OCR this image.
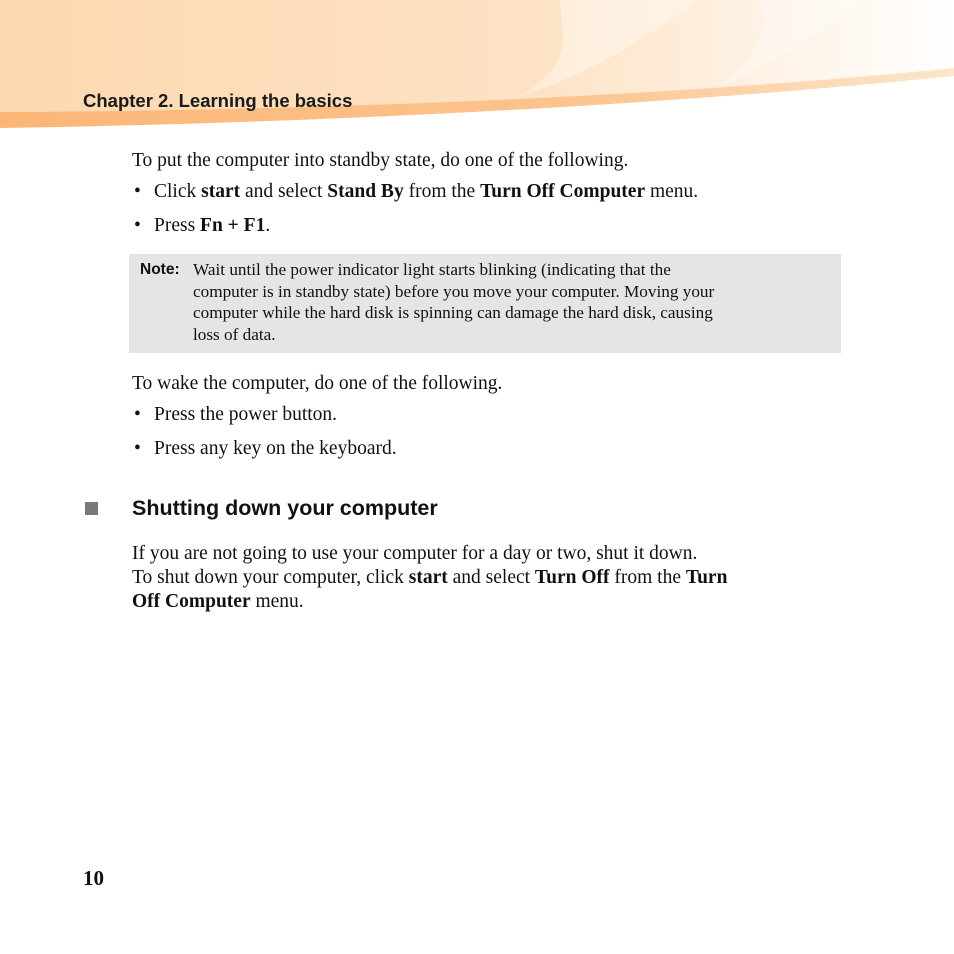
Chapter 2. Learning the basics
To put the computer into standby state, do one of the following.
• Click start and select Stand By from the Turn Off Computer menu.
• Press Fn + F1.
Note: Wait until the power indicator light starts blinking (indicating that the
computer is in standby state) before you move your computer. Moving your
computer while the hard disk is spinning can damage the hard disk, causing
loss of data.
To wake the computer, do one of the following.
• Press the power button.
• Press any key on the keyboard.
Shutting down your computer
If you are not going to use your computer for a day or two, shut it down.
To shut down your computer, click start and select Turn Off from the Turn
Off Computer menu.
10
